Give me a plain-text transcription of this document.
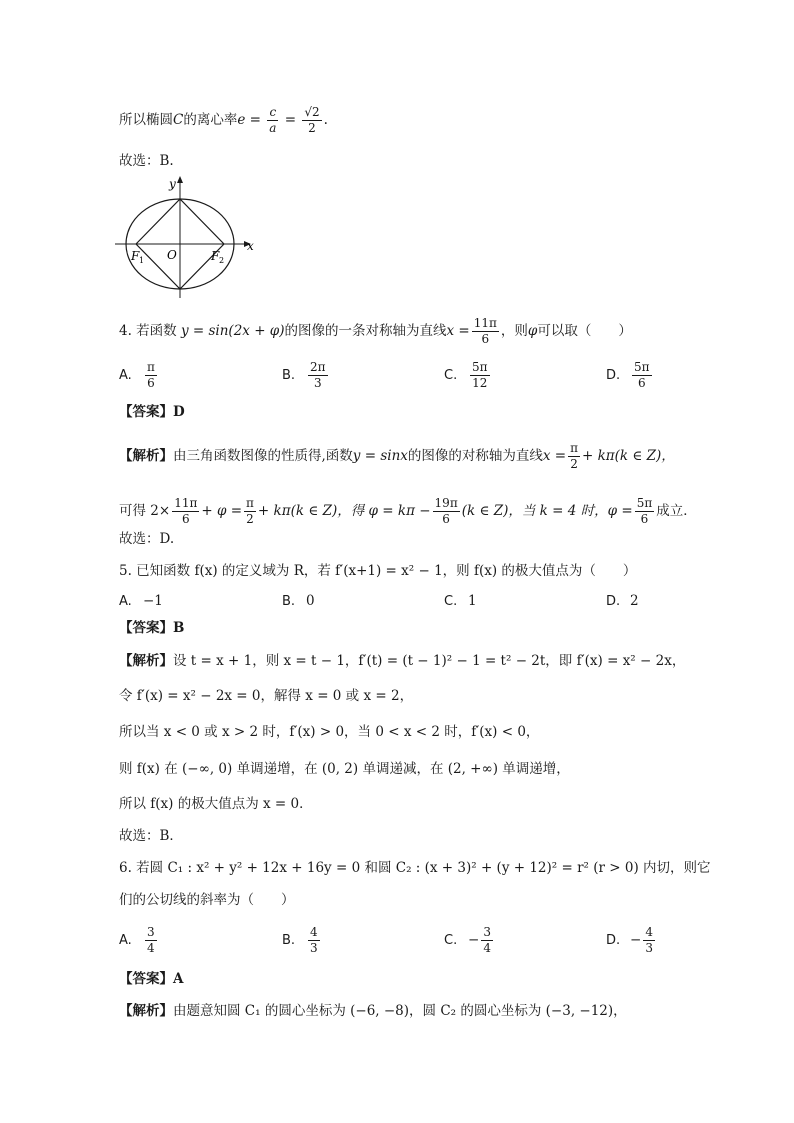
所以椭圆C的离心率$e = \frac{c}{a} = \frac{√2}{2}$ .
故选：B.
y
O
F 1	F 2
x
4. 若函数 y = sin(2x + φ)的图像的一条对称轴为直线$x = \frac{11\pi}{6}$ ，则φ可以取（　　）
A. $\frac{\pi}{6}$	B. $\frac{2\pi}{3}$	C. $\frac{5\pi}{12}$	D. $\frac{5\pi}{6}$
【答案】D
【解析】由三角函数图像的性质得,函数y = sinx的图像的对称轴为直线$x = \frac{\pi}{2} + k\pi(k$ ∈ Z)，
可得 $2\times \frac{11\pi}{6} + \varphi = \frac{\pi}{2} + k\pi(k$ ∈ Z)，得 $\varphi = k\pi - \frac{19\pi}{6} (k$ ∈ Z)，当 k = 4 时，$\varphi = \frac{5\pi}{6}$ 成立．
故选：D.
5. 已知函数 f(x) 的定义域为 R，若 f′(x+1) = x² − 1，则 f(x) 的极大值点为（　　）
A. −1	B. 0	C. 1	D. 2
【答案】B
【解析】设 t = x + 1，则 x = t − 1，f′(t) = (t − 1)² − 1 = t² − 2t，即 f′(x) = x² − 2x，
令 f′(x) = x² − 2x = 0，解得 x = 0 或 x = 2，
所以当 x < 0 或 x > 2 时，f′(x) > 0，当 0 < x < 2 时，f′(x) < 0，
则 f(x) 在 (−∞, 0) 单调递增，在 (0, 2) 单调递减，在 (2, +∞) 单调递增，
所以 f(x) 的极大值点为 x = 0．
故选：B．
6. 若圆 C₁ : x² + y² + 12x + 16y = 0 和圆 C₂ : (x + 3)² + (y + 12)² = r² (r > 0) 内切，则它
们的公切线的斜率为（　　）
A. $\frac{3}{4}$	B. $\frac{4}{3}$	C. − $\frac{3}{4}$	D. − $\frac{4}{3}$
【答案】A
【解析】由题意知圆 C₁ 的圆心坐标为 (−6, −8)，圆 C₂ 的圆心坐标为 (−3, −12)，
